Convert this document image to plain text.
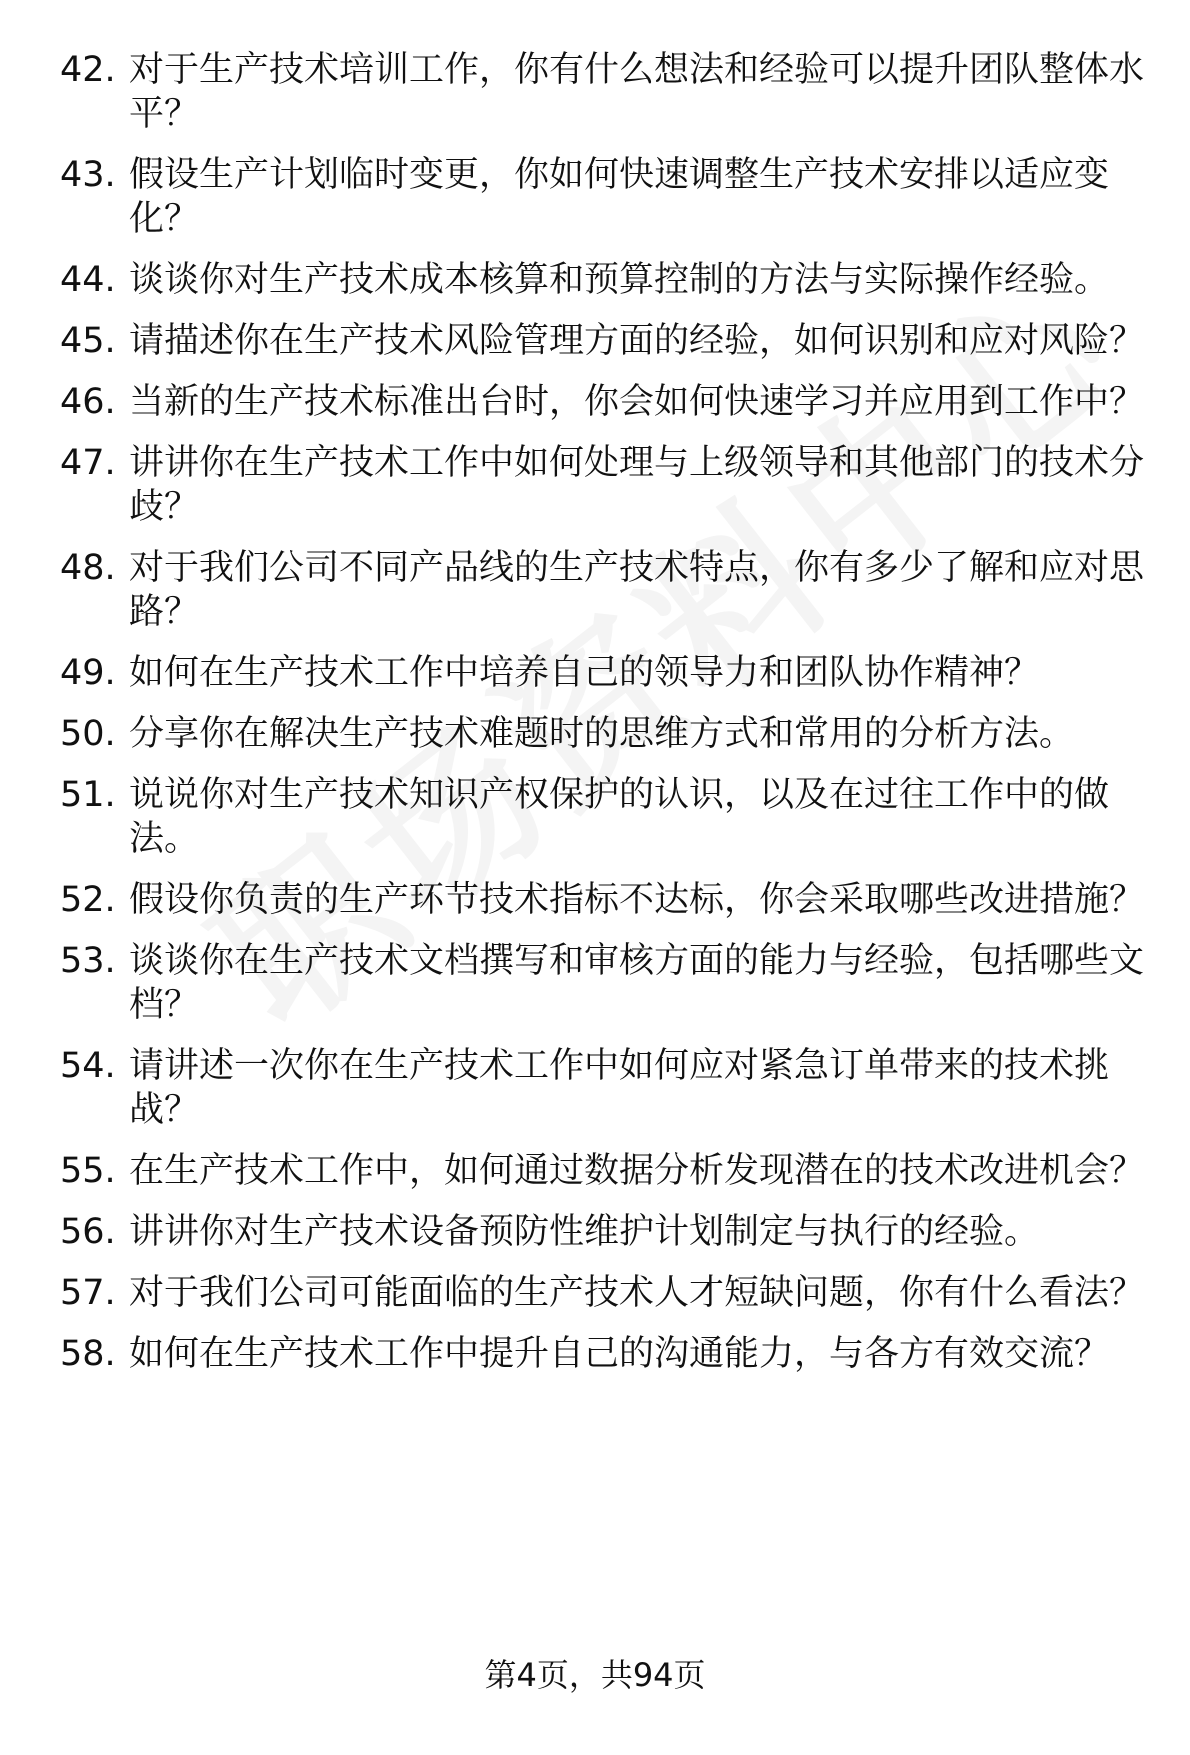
42. 对于生产技术培训工作，你有什么想法和经验可以提升团队整体水平？
43. 假设生产计划临时变更，你如何快速调整生产技术安排以适应变化？
44. 谈谈你对生产技术成本核算和预算控制的方法与实际操作经验。
45. 请描述你在生产技术风险管理方面的经验，如何识别和应对风险？
46. 当新的生产技术标准出台时，你会如何快速学习并应用到工作中？
47. 讲讲你在生产技术工作中如何处理与上级领导和其他部门的技术分歧？
48. 对于我们公司不同产品线的生产技术特点，你有多少了解和应对思路？
49. 如何在生产技术工作中培养自己的领导力和团队协作精神？
50. 分享你在解决生产技术难题时的思维方式和常用的分析方法。
51. 说说你对生产技术知识产权保护的认识，以及在过往工作中的做法。
52. 假设你负责的生产环节技术指标不达标，你会采取哪些改进措施？
53. 谈谈你在生产技术文档撰写和审核方面的能力与经验，包括哪些文档？
54. 请讲述一次你在生产技术工作中如何应对紧急订单带来的技术挑战？
55. 在生产技术工作中，如何通过数据分析发现潜在的技术改进机会？
56. 讲讲你对生产技术设备预防性维护计划制定与执行的经验。
57. 对于我们公司可能面临的生产技术人才短缺问题，你有什么看法？
58. 如何在生产技术工作中提升自己的沟通能力，与各方有效交流？
第4页，共94页
